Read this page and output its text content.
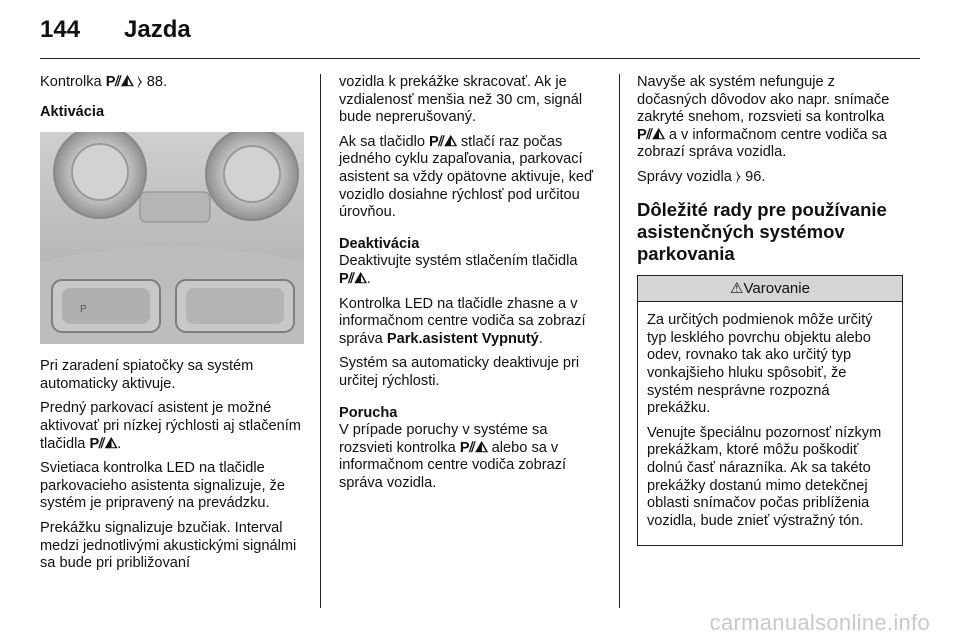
144 Jazda

Kontrolka P⫽◭ ⧽ 88.

Aktivácia

P

Pri zaradení spiatočky sa systém automaticky aktivuje.

Predný parkovací asistent je možné aktivovať pri nízkej rýchlosti aj stlačením tlačidla P⫽◭.

Svietiaca kontrolka LED na tlačidle parkovacieho asistenta signalizuje, že systém je pripravený na prevádzku.

Prekážku signalizuje bzučiak. Interval medzi jednotlivými akustickými signálmi sa bude pri približovaní

vozidla k prekážke skracovať. Ak je vzdialenosť menšia než 30 cm, signál bude neprerušovaný.

Ak sa tlačidlo P⫽◭ stlačí raz počas jedného cyklu zapaľovania, parkovací asistent sa vždy opätovne aktivuje, keď vozidlo dosiahne rýchlosť pod určitou úrovňou.

Deaktivácia

Deaktivujte systém stlačením tlačidla P⫽◭.

Kontrolka LED na tlačidle zhasne a v informačnom centre vodiča sa zobrazí správa Park.asistent Vypnutý.

Systém sa automaticky deaktivuje pri určitej rýchlosti.

Porucha

V prípade poruchy v systéme sa rozsvieti kontrolka P⫽◭ alebo sa v informačnom centre vodiča zobrazí správa vozidla.

Navyše ak systém nefunguje z dočasných dôvodov ako napr. snímače zakryté snehom, rozsvieti sa kontrolka P⫽◭ a v informačnom centre vodiča sa zobrazí správa vozidla.

Správy vozidla ⧽ 96.

Dôležité rady pre používanie asistenčných systémov parkovania

⚠Varovanie

Za určitých podmienok môže určitý typ lesklého povrchu objektu alebo odev, rovnako tak ako určitý typ vonkajšieho hluku spôsobiť, že systém nesprávne rozpozná prekážku.

Venujte špeciálnu pozornosť nízkym prekážkam, ktoré môžu poškodiť dolnú časť nárazníka. Ak sa takéto prekážky dostanú mimo detekčnej oblasti snímačov počas priblíženia vozidla, bude znieť výstražný tón.

carmanualsonline.info
